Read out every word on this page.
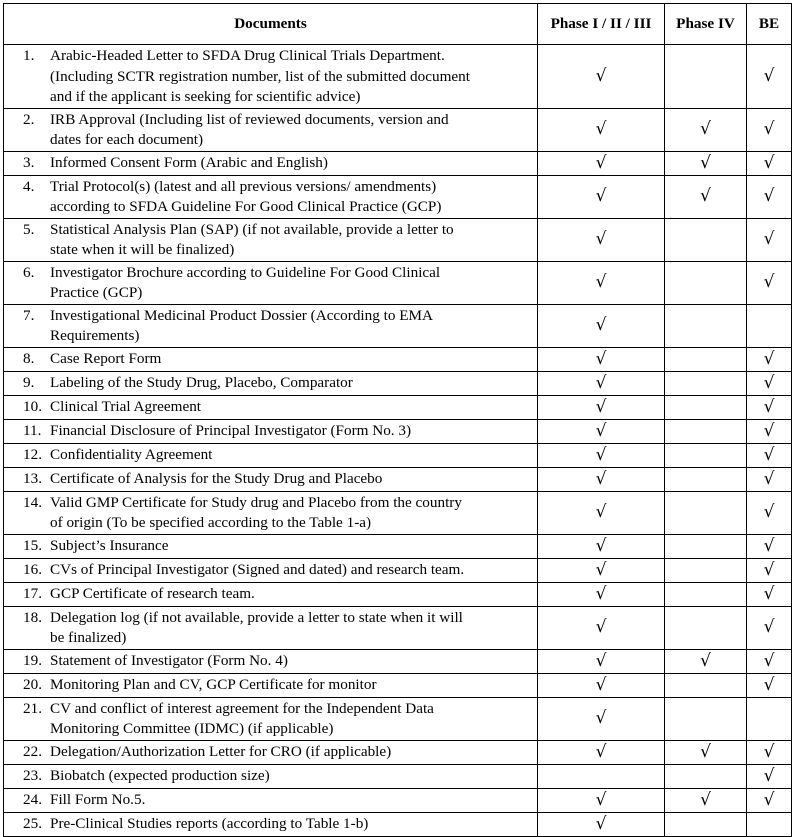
Documents	Phase I / II / III	Phase IV	BE

1. Arabic-Headed Letter to SFDA Drug Clinical Trials Department.
(Including SCTR registration number, list of the submitted document
and if the applicant is seeking for scientific advice)	√		√

2. IRB Approval (Including list of reviewed documents, version and
dates for each document)	√	√	√

3. Informed Consent Form (Arabic and English)	√	√	√

4. Trial Protocol(s) (latest and all previous versions/ amendments)
according to SFDA Guideline For Good Clinical Practice (GCP)	√	√	√

5. Statistical Analysis Plan (SAP) (if not available, provide a letter to
state when it will be finalized)	√		√

6. Investigator Brochure according to Guideline For Good Clinical
Practice (GCP)	√		√

7. Investigational Medicinal Product Dossier (According to EMA
Requirements)	√		

8. Case Report Form	√		√

9. Labeling of the Study Drug, Placebo, Comparator	√		√

10. Clinical Trial Agreement	√		√

11. Financial Disclosure of Principal Investigator (Form No. 3)	√		√

12. Confidentiality Agreement	√		√

13. Certificate of Analysis for the Study Drug and Placebo	√		√

14. Valid GMP Certificate for Study drug and Placebo from the country
of origin (To be specified according to the Table 1-a)	√		√

15. Subject’s Insurance	√		√

16. CVs of Principal Investigator (Signed and dated) and research team.	√		√

17. GCP Certificate of research team.	√		√

18. Delegation log (if not available, provide a letter to state when it will
be finalized)	√		√

19. Statement of Investigator (Form No. 4)	√	√	√

20. Monitoring Plan and CV, GCP Certificate for monitor	√		√

21. CV and conflict of interest agreement for the Independent Data
Monitoring Committee (IDMC) (if applicable)	√		

22. Delegation/Authorization Letter for CRO (if applicable)	√	√	√

23. Biobatch (expected production size)			√

24. Fill Form No.5.	√	√	√

25. Pre-Clinical Studies reports (according to Table 1-b)	√		
